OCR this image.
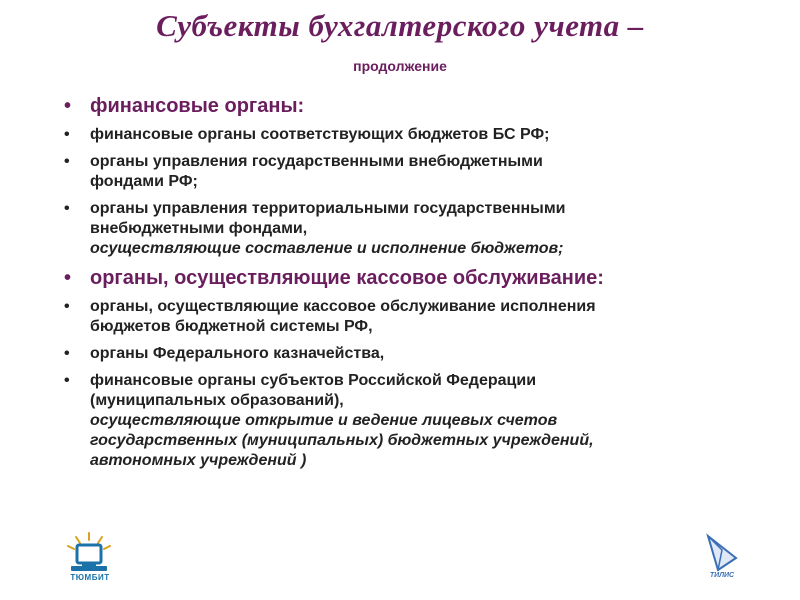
Субъекты бухгалтерского учета –
продолжение
• финансовые органы:
• финансовые органы соответствующих бюджетов БС РФ;
• органы управления государственными внебюджетными
фондами РФ;
• органы управления территориальными государственными
внебюджетными фондами,
осуществляющие составление и исполнение бюджетов;
• органы, осуществляющие кассовое обслуживание:
• органы, осуществляющие кассовое обслуживание исполнения
бюджетов бюджетной системы РФ,
• органы Федерального казначейства,
• финансовые органы субъектов Российской Федерации
(муниципальных образований),
осуществляющие открытие и ведение лицевых счетов
государственных (муниципальных) бюджетных учреждений,
автономных учреждений )
ТЮМБИТ	ТИЛИС
